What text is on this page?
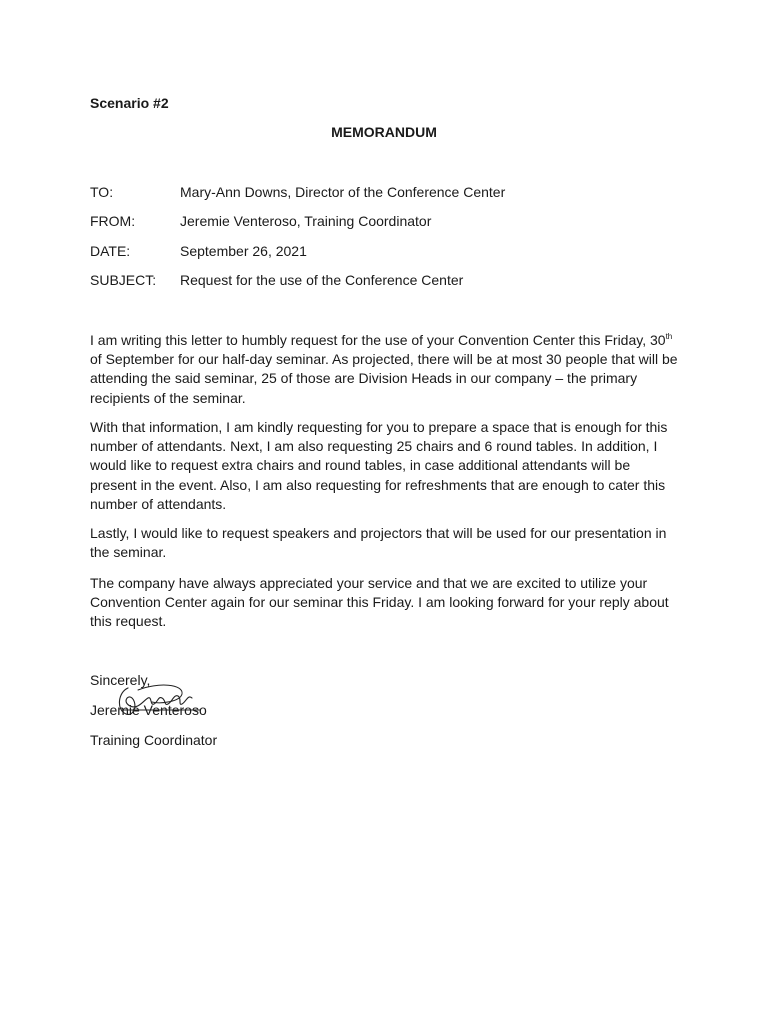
Scenario #2
MEMORANDUM
TO:	Mary-Ann Downs, Director of the Conference Center
FROM:	Jeremie Venteroso, Training Coordinator
DATE:	September 26, 2021
SUBJECT: Request for the use of the Conference Center

I am writing this letter to humbly request for the use of your Convention Center this Friday, 30th of September for our half-day seminar. As projected, there will be at most 30 people that will be attending the said seminar, 25 of those are Division Heads in our company – the primary recipients of the seminar.

With that information, I am kindly requesting for you to prepare a space that is enough for this number of attendants. Next, I am also requesting 25 chairs and 6 round tables. In addition, I would like to request extra chairs and round tables, in case additional attendants will be present in the event. Also, I am also requesting for refreshments that are enough to cater this number of attendants.

Lastly, I would like to request speakers and projectors that will be used for our presentation in the seminar.

The company have always appreciated your service and that we are excited to utilize your Convention Center again for our seminar this Friday. I am looking forward for your reply about this request.

Sincerely,
Jeremie Venteroso
Training Coordinator
